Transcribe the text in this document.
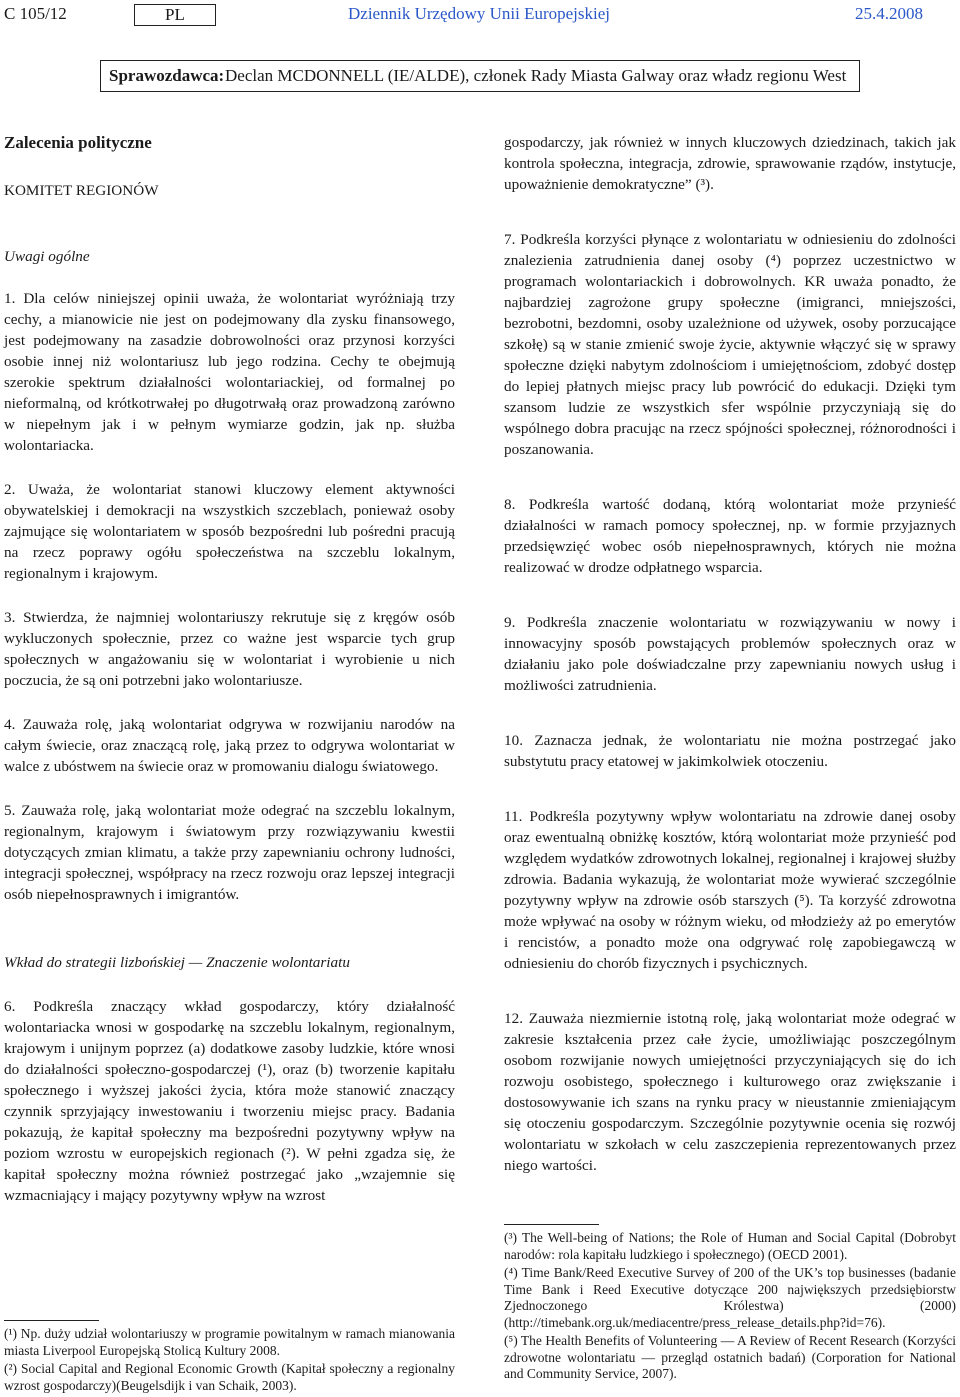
C 105/12	PL	Dziennik Urzędowy Unii Europejskiej	25.4.2008
Sprawozdawca: Declan MCDONNELL (IE/ALDE), członek Rady Miasta Galway oraz władz regionu West

Zalecenia polityczne

KOMITET REGIONÓW

Uwagi ogólne

1. Dla celów niniejszej opinii uważa, że wolontariat wyróżniają trzy cechy, a mianowicie nie jest on podejmowany dla zysku finansowego, jest podejmowany na zasadzie dobrowolności oraz przynosi korzyści osobie innej niż wolontariusz lub jego rodzina. Cechy te obejmują szerokie spektrum działalności wolontariackiej, od formalnej po nieformalną, od krótkotrwałej po długotrwałą oraz prowadzoną zarówno w niepełnym jak i w pełnym wymiarze godzin, jak np. służba wolontariacka.

2. Uważa, że wolontariat stanowi kluczowy element aktywności obywatelskiej i demokracji na wszystkich szczeblach, ponieważ osoby zajmujące się wolontariatem w sposób bezpośredni lub pośredni pracują na rzecz poprawy ogółu społeczeństwa na szczeblu lokalnym, regionalnym i krajowym.

3. Stwierdza, że najmniej wolontariuszy rekrutuje się z kręgów osób wykluczonych społecznie, przez co ważne jest wsparcie tych grup społecznych w angażowaniu się w wolontariat i wyrobienie u nich poczucia, że są oni potrzebni jako wolontariusze.

4. Zauważa rolę, jaką wolontariat odgrywa w rozwijaniu narodów na całym świecie, oraz znaczącą rolę, jaką przez to odgrywa wolontariat w walce z ubóstwem na świecie oraz w promowaniu dialogu światowego.

5. Zauważa rolę, jaką wolontariat może odegrać na szczeblu lokalnym, regionalnym, krajowym i światowym przy rozwiązywaniu kwestii dotyczących zmian klimatu, a także przy zapewnianiu ochrony ludności, integracji społecznej, współpracy na rzecz rozwoju oraz lepszej integracji osób niepełnosprawnych i imigrantów.

Wkład do strategii lizbońskiej — Znaczenie wolontariatu

6. Podkreśla znaczący wkład gospodarczy, który działalność wolontariacka wnosi w gospodarkę na szczeblu lokalnym, regionalnym, krajowym i unijnym poprzez (a) dodatkowe zasoby ludzkie, które wnosi do działalności społeczno-gospodarczej (¹), oraz (b) tworzenie kapitału społecznego i wyższej jakości życia, która może stanowić znaczący czynnik sprzyjający inwestowaniu i tworzeniu miejsc pracy. Badania pokazują, że kapitał społeczny ma bezpośredni pozytywny wpływ na poziom wzrostu w europejskich regionach (²). W pełni zgadza się, że kapitał społeczny można również postrzegać jako „wzajemnie się wzmacniający i mający pozytywny wpływ na wzrost

(¹) Np. duży udział wolontariuszy w programie powitalnym w ramach mianowania miasta Liverpool Europejską Stolicą Kultury 2008.

(²) Social Capital and Regional Economic Growth (Kapitał społeczny a regionalny wzrost gospodarczy)(Beugelsdijk i van Schaik, 2003).

gospodarczy, jak również w innych kluczowych dziedzinach, takich jak kontrola społeczna, integracja, zdrowie, sprawowanie rządów, instytucje, upoważnienie demokratyczne” (³).

7. Podkreśla korzyści płynące z wolontariatu w odniesieniu do zdolności znalezienia zatrudnienia danej osoby (⁴) poprzez uczestnictwo w programach wolontariackich i dobrowolnych. KR uważa ponadto, że najbardziej zagrożone grupy społeczne (imigranci, mniejszości, bezrobotni, bezdomni, osoby uzależnione od używek, osoby porzucające szkołę) są w stanie zmienić swoje życie, aktywnie włączyć się w sprawy społeczne dzięki nabytym zdolnościom i umiejętnościom, zdobyć dostęp do lepiej płatnych miejsc pracy lub powrócić do edukacji. Dzięki tym szansom ludzie ze wszystkich sfer wspólnie przyczyniają się do wspólnego dobra pracując na rzecz spójności społecznej, różnorodności i poszanowania.

8. Podkreśla wartość dodaną, którą wolontariat może przynieść działalności w ramach pomocy społecznej, np. w formie przyjaznych przedsięwzięć wobec osób niepełnosprawnych, których nie można realizować w drodze odpłatnego wsparcia.

9. Podkreśla znaczenie wolontariatu w rozwiązywaniu w nowy i innowacyjny sposób powstających problemów społecznych oraz w działaniu jako pole doświadczalne przy zapewnianiu nowych usług i możliwości zatrudnienia.

10. Zaznacza jednak, że wolontariatu nie można postrzegać jako substytutu pracy etatowej w jakimkolwiek otoczeniu.

11. Podkreśla pozytywny wpływ wolontariatu na zdrowie danej osoby oraz ewentualną obniżkę kosztów, którą wolontariat może przynieść pod względem wydatków zdrowotnych lokalnej, regionalnej i krajowej służby zdrowia. Badania wykazują, że wolontariat może wywierać szczególnie pozytywny wpływ na zdrowie osób starszych (⁵). Ta korzyść zdrowotna może wpływać na osoby w różnym wieku, od młodzieży aż po emerytów i rencistów, a ponadto może ona odgrywać rolę zapobiegawczą w odniesieniu do chorób fizycznych i psychicznych.

12. Zauważa niezmiernie istotną rolę, jaką wolontariat może odegrać w zakresie kształcenia przez całe życie, umożliwiając poszczególnym osobom rozwijanie nowych umiejętności przyczyniających się do ich rozwoju osobistego, społecznego i kulturowego oraz zwiększanie i dostosowywanie ich szans na rynku pracy w nieustannie zmieniającym się otoczeniu gospodarczym. Szczególnie pozytywnie ocenia się rozwój wolontariatu w szkołach w celu zaszczepienia reprezentowanych przez niego wartości.

(³) The Well-being of Nations; the Role of Human and Social Capital (Dobrobyt narodów: rola kapitału ludzkiego i społecznego) (OECD 2001).

(⁴) Time Bank/Reed Executive Survey of 200 of the UK’s top businesses (badanie Time Bank i Reed Executive dotyczące 200 największych przedsiębiorstw Zjednoczonego Królestwa) (2000) (http://timebank.org.uk/mediacentre/press_release_details.php?id=76).

(⁵) The Health Benefits of Volunteering — A Review of Recent Research (Korzyści zdrowotne wolontariatu — przegląd ostatnich badań) (Corporation for National and Community Service, 2007).
